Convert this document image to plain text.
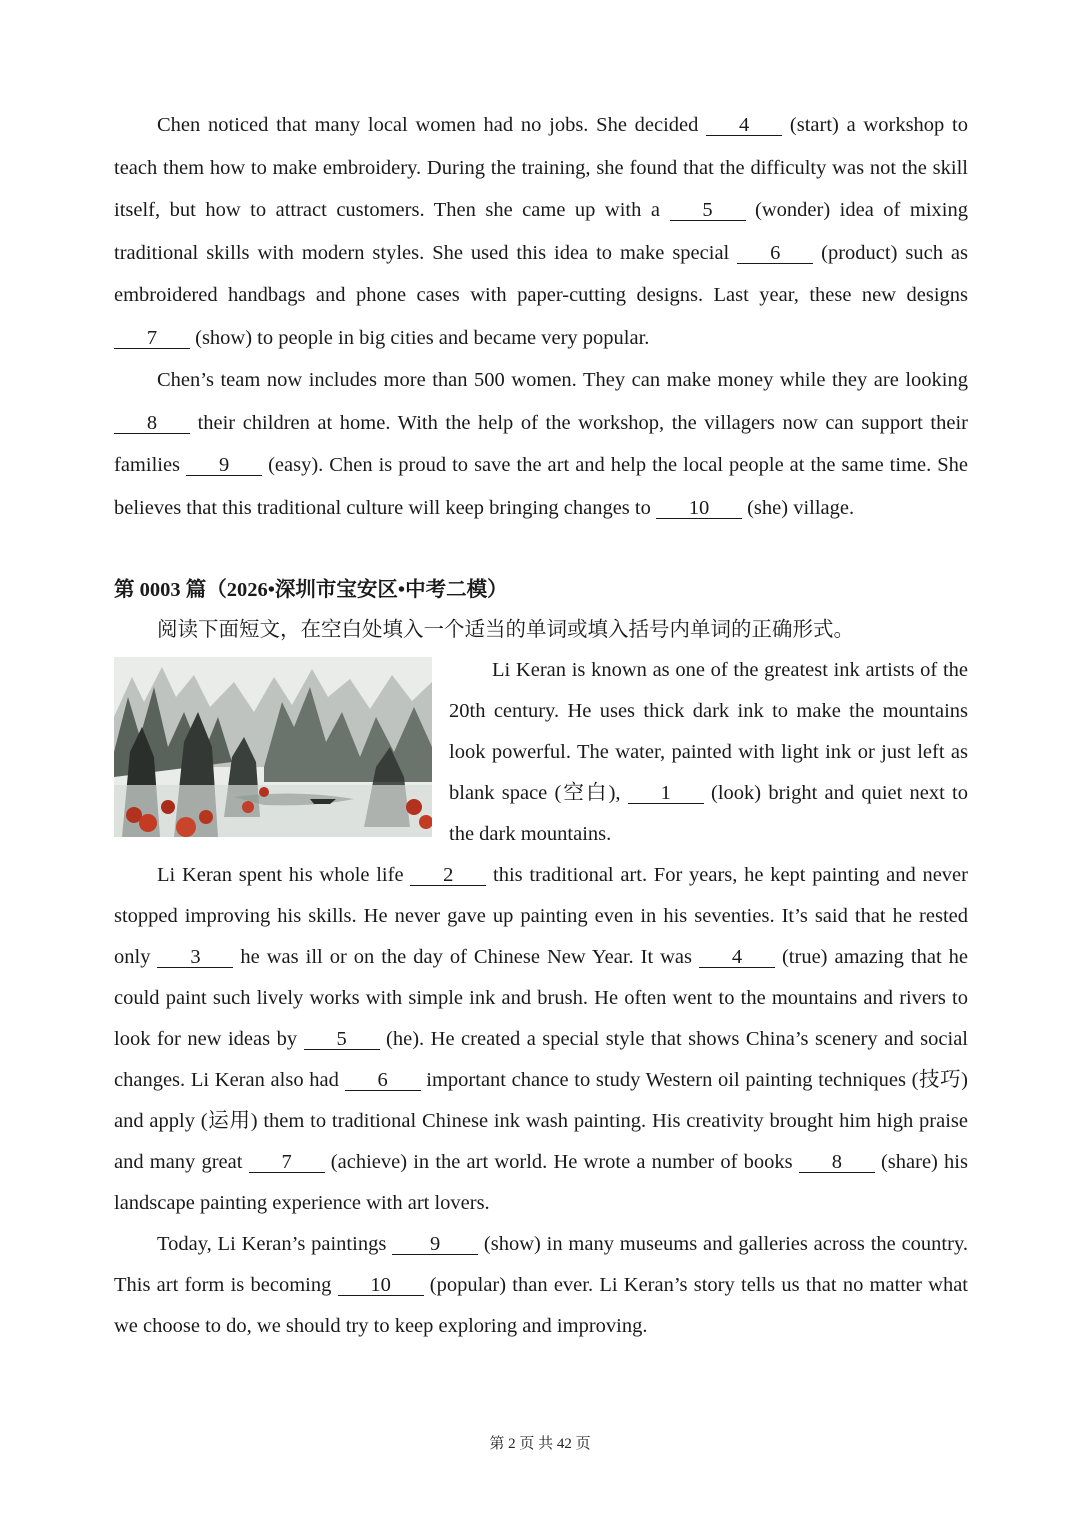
Chen noticed that many local women had no jobs. She decided 4 (start) a workshop to teach them how to make embroidery. During the training, she found that the difficulty was not the skill itself, but how to attract customers. Then she came up with a 5 (wonder) idea of mixing traditional skills with modern styles. She used this idea to make special 6 (product) such as embroidered handbags and phone cases with paper-cutting designs. Last year, these new designs 7 (show) to people in big cities and became very popular.

Chen’s team now includes more than 500 women. They can make money while they are looking 8 their children at home. With the help of the workshop, the villagers now can support their families 9 (easy). Chen is proud to save the art and help the local people at the same time. She believes that this traditional culture will keep bringing changes to 10 (she) village.

第 0003 篇（2026•深圳市宝安区•中考二模）

阅读下面短文，在空白处填入一个适当的单词或填入括号内单词的正确形式。

Li Keran is known as one of the greatest ink artists of the 20th century. He uses thick dark ink to make the mountains look powerful. The water, painted with light ink or just left as blank space (空白), 1 (look) bright and quiet next to the dark mountains.

Li Keran spent his whole life 2 this traditional art. For years, he kept painting and never stopped improving his skills. He never gave up painting even in his seventies. It’s said that he rested only 3 he was ill or on the day of Chinese New Year. It was 4 (true) amazing that he could paint such lively works with simple ink and brush. He often went to the mountains and rivers to look for new ideas by 5 (he). He created a special style that shows China’s scenery and social changes. Li Keran also had 6 important chance to study Western oil painting techniques (技巧) and apply (运用) them to traditional Chinese ink wash painting. His creativity brought him high praise and many great 7 (achieve) in the art world. He wrote a number of books 8 (share) his landscape painting experience with art lovers.

Today, Li Keran’s paintings 9 (show) in many museums and galleries across the country. This art form is becoming 10 (popular) than ever. Li Keran’s story tells us that no matter what we choose to do, we should try to keep exploring and improving.

第 2 页 共 42 页
